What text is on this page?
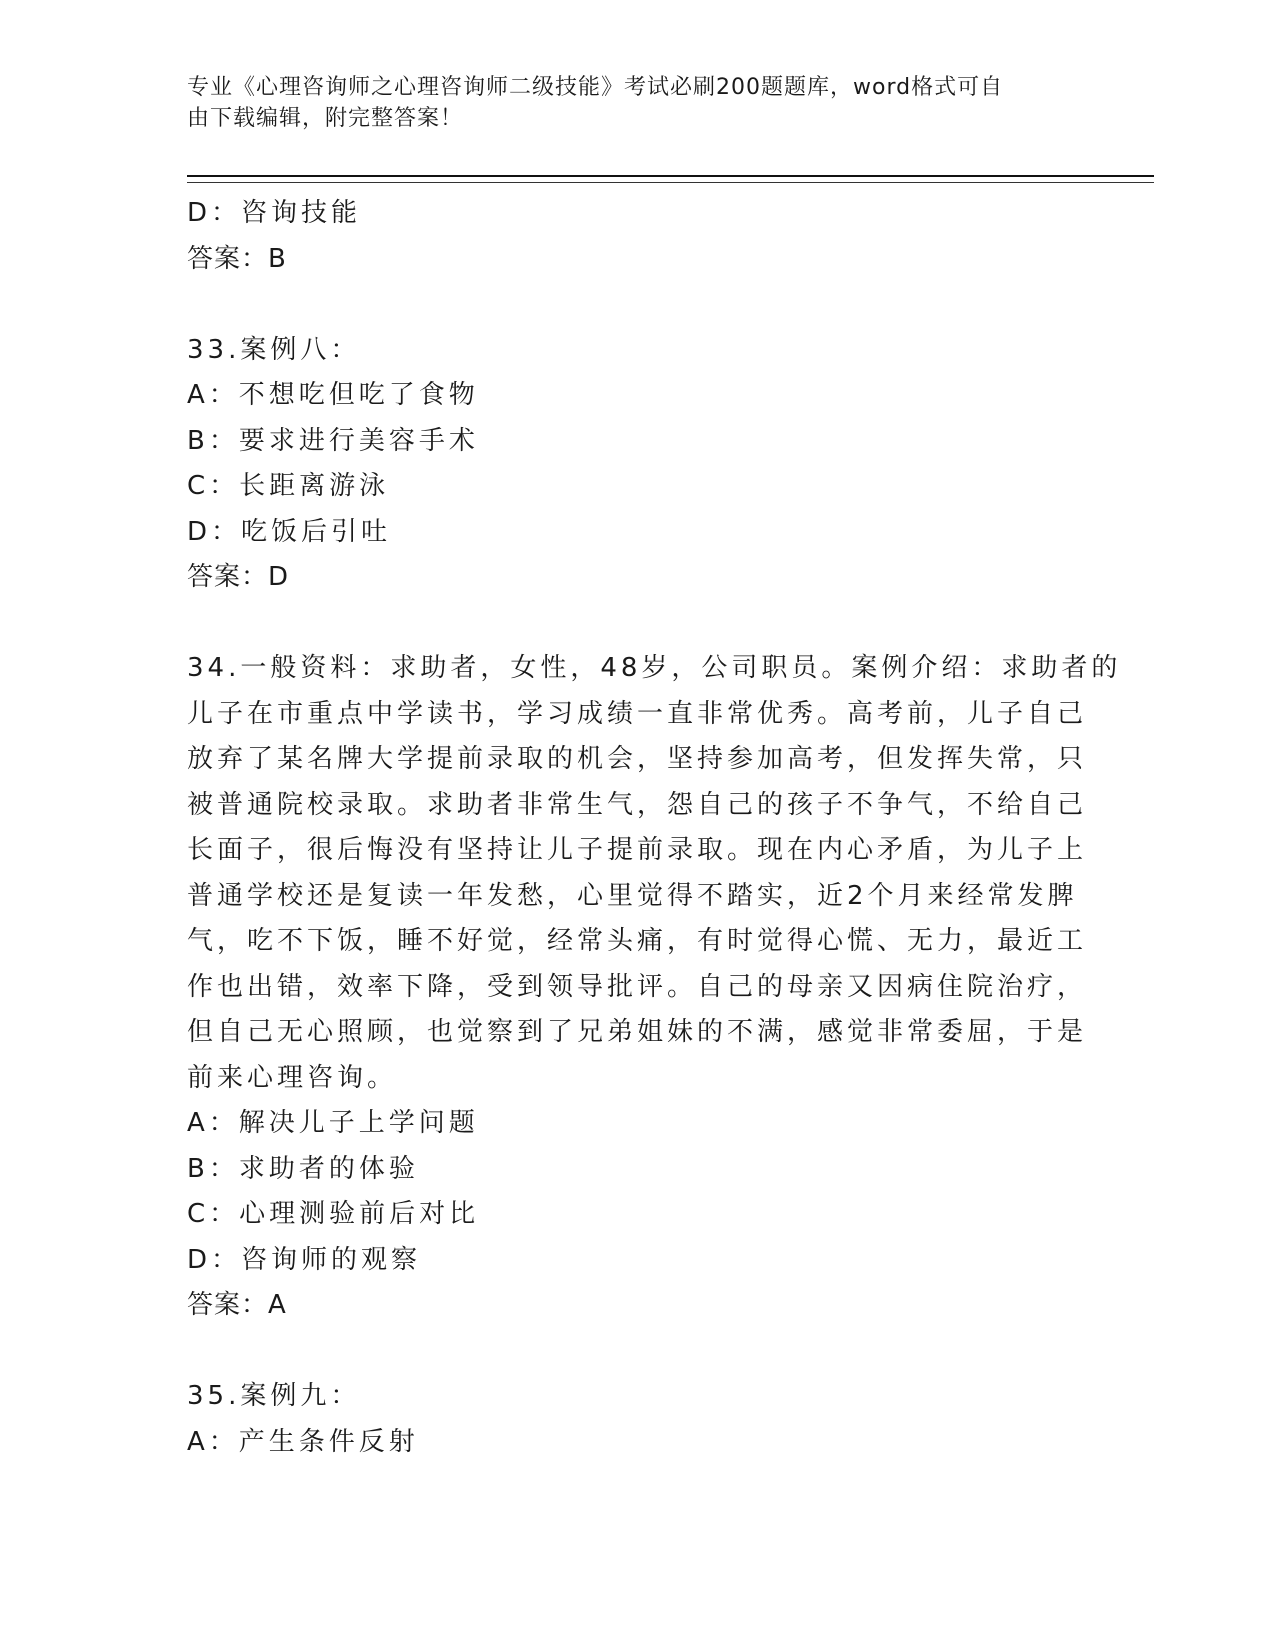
专业《心理咨询师之心理咨询师二级技能》考试必刷200题题库，word格式可自
由下载编辑，附完整答案！
D：咨询技能
答案：B
33.案例八：
A：不想吃但吃了食物
B：要求进行美容手术
C：长距离游泳
D：吃饭后引吐
答案：D
34.一般资料：求助者，女性，48岁，公司职员。案例介绍：求助者的
儿子在市重点中学读书，学习成绩一直非常优秀。高考前，儿子自己
放弃了某名牌大学提前录取的机会，坚持参加高考，但发挥失常，只
被普通院校录取。求助者非常生气，怨自己的孩子不争气，不给自己
长面子，很后悔没有坚持让儿子提前录取。现在内心矛盾，为儿子上
普通学校还是复读一年发愁，心里觉得不踏实，近2个月来经常发脾
气，吃不下饭，睡不好觉，经常头痛，有时觉得心慌、无力，最近工
作也出错，效率下降，受到领导批评。自己的母亲又因病住院治疗，
但自己无心照顾，也觉察到了兄弟姐妹的不满，感觉非常委屈，于是
前来心理咨询。
A：解决儿子上学问题
B：求助者的体验
C：心理测验前后对比
D：咨询师的观察
答案：A
35.案例九：
A：产生条件反射
